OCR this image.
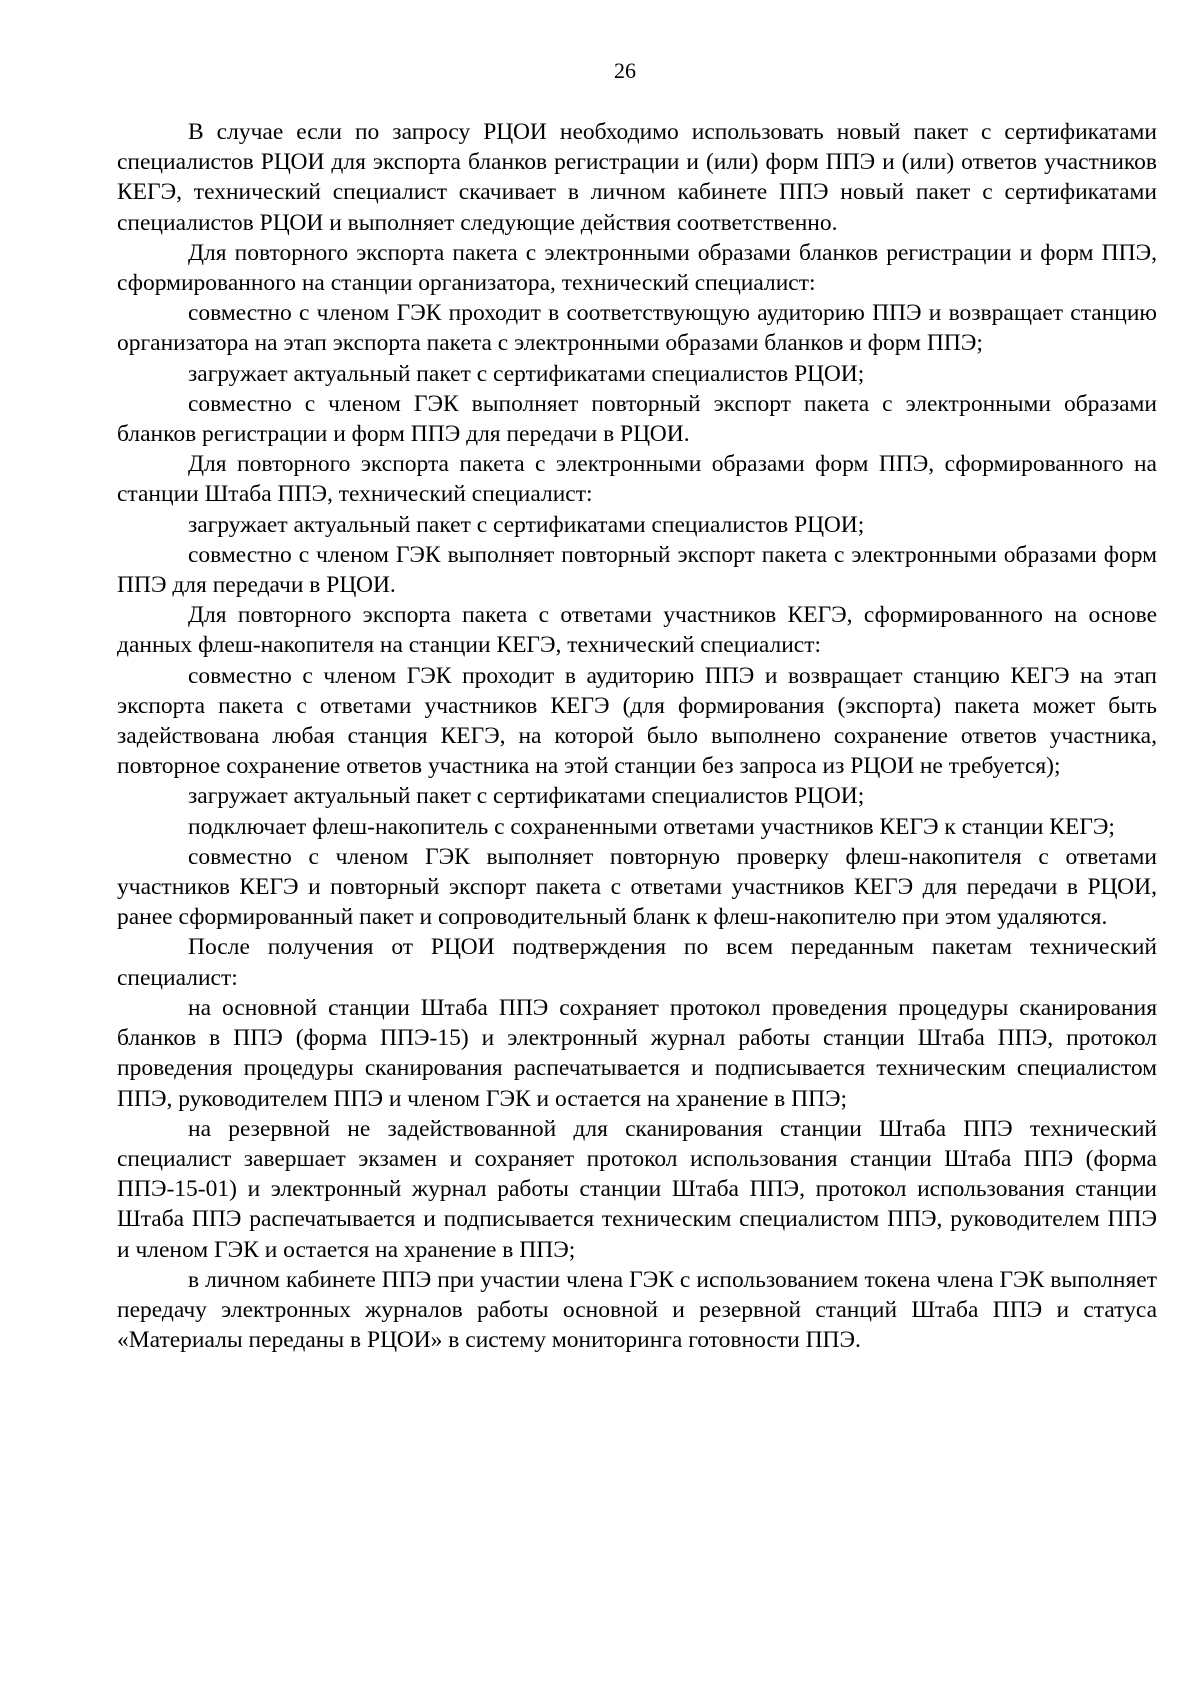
26

В случае если по запросу РЦОИ необходимо использовать новый пакет с сертификатами специалистов РЦОИ для экспорта бланков регистрации и (или) форм ППЭ и (или) ответов участников КЕГЭ, технический специалист скачивает в личном кабинете ППЭ новый пакет с сертификатами специалистов РЦОИ и выполняет следующие действия соответственно.

Для повторного экспорта пакета с электронными образами бланков регистрации и форм ППЭ, сформированного на станции организатора, технический специалист:

совместно с членом ГЭК проходит в соответствующую аудиторию ППЭ и возвращает станцию организатора на этап экспорта пакета с электронными образами бланков и форм ППЭ;

загружает актуальный пакет с сертификатами специалистов РЦОИ;

совместно с членом ГЭК выполняет повторный экспорт пакета с электронными образами бланков регистрации и форм ППЭ для передачи в РЦОИ.

Для повторного экспорта пакета с электронными образами форм ППЭ, сформированного на станции Штаба ППЭ, технический специалист:

загружает актуальный пакет с сертификатами специалистов РЦОИ;

совместно с членом ГЭК выполняет повторный экспорт пакета с электронными образами форм ППЭ для передачи в РЦОИ.

Для повторного экспорта пакета с ответами участников КЕГЭ, сформированного на основе данных флеш-накопителя на станции КЕГЭ, технический специалист:

совместно с членом ГЭК проходит в аудиторию ППЭ и возвращает станцию КЕГЭ на этап экспорта пакета с ответами участников КЕГЭ (для формирования (экспорта) пакета может быть задействована любая станция КЕГЭ, на которой было выполнено сохранение ответов участника, повторное сохранение ответов участника на этой станции без запроса из РЦОИ не требуется);

загружает актуальный пакет с сертификатами специалистов РЦОИ;

подключает флеш-накопитель с сохраненными ответами участников КЕГЭ к станции КЕГЭ;

совместно с членом ГЭК выполняет повторную проверку флеш-накопителя с ответами участников КЕГЭ и повторный экспорт пакета с ответами участников КЕГЭ для передачи в РЦОИ, ранее сформированный пакет и сопроводительный бланк к флеш-накопителю при этом удаляются.

После получения от РЦОИ подтверждения по всем переданным пакетам технический специалист:

на основной станции Штаба ППЭ сохраняет протокол проведения процедуры сканирования бланков в ППЭ (форма ППЭ-15) и электронный журнал работы станции Штаба ППЭ, протокол проведения процедуры сканирования распечатывается и подписывается техническим специалистом ППЭ, руководителем ППЭ и членом ГЭК и остается на хранение в ППЭ;

на резервной не задействованной для сканирования станции Штаба ППЭ технический специалист завершает экзамен и сохраняет протокол использования станции Штаба ППЭ (форма ППЭ-15-01) и электронный журнал работы станции Штаба ППЭ, протокол использования станции Штаба ППЭ распечатывается и подписывается техническим специалистом ППЭ, руководителем ППЭ и членом ГЭК и остается на хранение в ППЭ;

в личном кабинете ППЭ при участии члена ГЭК с использованием токена члена ГЭК выполняет передачу электронных журналов работы основной и резервной станций Штаба ППЭ и статуса «Материалы переданы в РЦОИ» в систему мониторинга готовности ППЭ.
